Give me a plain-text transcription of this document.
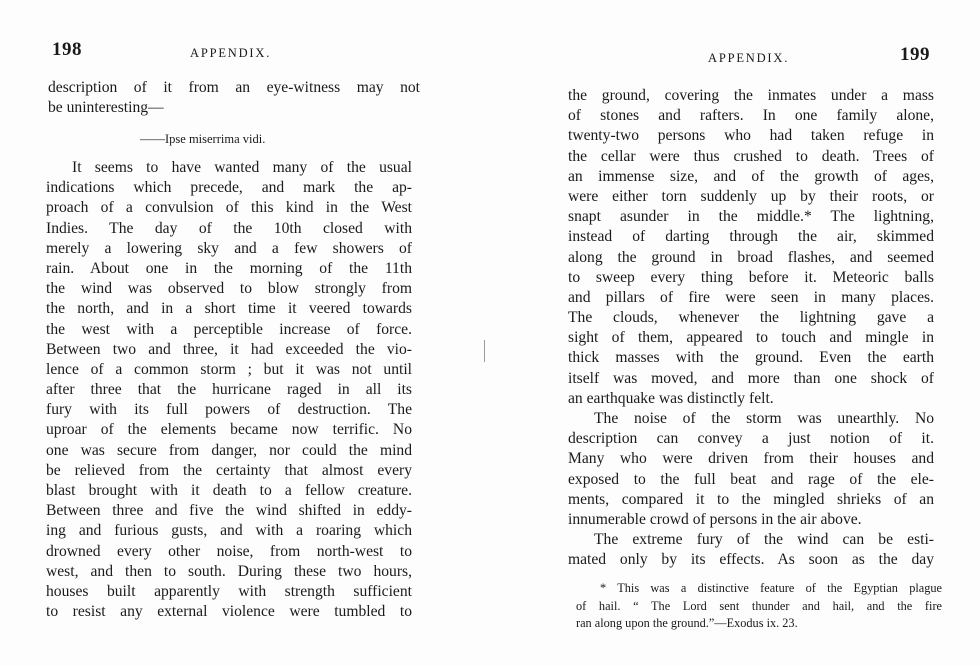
198	APPENDIX.
description of it from an eye-witness may not
be uninteresting—
——Ipse miserrima vidi.
It seems to have wanted many of the usual
indications which precede, and mark the ap-
proach of a convulsion of this kind in the West
Indies. The day of the 10th closed with
merely a lowering sky and a few showers of
rain. About one in the morning of the 11th
the wind was observed to blow strongly from
the north, and in a short time it veered towards
the west with a perceptible increase of force.
Between two and three, it had exceeded the vio-
lence of a common storm ; but it was not until
after three that the hurricane raged in all its
fury with its full powers of destruction. The
uproar of the elements became now terrific. No
one was secure from danger, nor could the mind
be relieved from the certainty that almost every
blast brought with it death to a fellow creature.
Between three and five the wind shifted in eddy-
ing and furious gusts, and with a roaring which
drowned every other noise, from north-west to
west, and then to south. During these two hours,
houses built apparently with strength sufficient
to resist any external violence were tumbled to
APPENDIX.	199
the ground, covering the inmates under a mass
of stones and rafters. In one family alone,
twenty-two persons who had taken refuge in
the cellar were thus crushed to death. Trees of
an immense size, and of the growth of ages,
were either torn suddenly up by their roots, or
snapt asunder in the middle.* The lightning,
instead of darting through the air, skimmed
along the ground in broad flashes, and seemed
to sweep every thing before it. Meteoric balls
and pillars of fire were seen in many places.
The clouds, whenever the lightning gave a
sight of them, appeared to touch and mingle in
thick masses with the ground. Even the earth
itself was moved, and more than one shock of
an earthquake was distinctly felt.
The noise of the storm was unearthly. No
description can convey a just notion of it.
Many who were driven from their houses and
exposed to the full beat and rage of the ele-
ments, compared it to the mingled shrieks of an
innumerable crowd of persons in the air above.
The extreme fury of the wind can be esti-
mated only by its effects. As soon as the day
* This was a distinctive feature of the Egyptian plague
of hail. “ The Lord sent thunder and hail, and the fire
ran along upon the ground.”—Exodus ix. 23.
